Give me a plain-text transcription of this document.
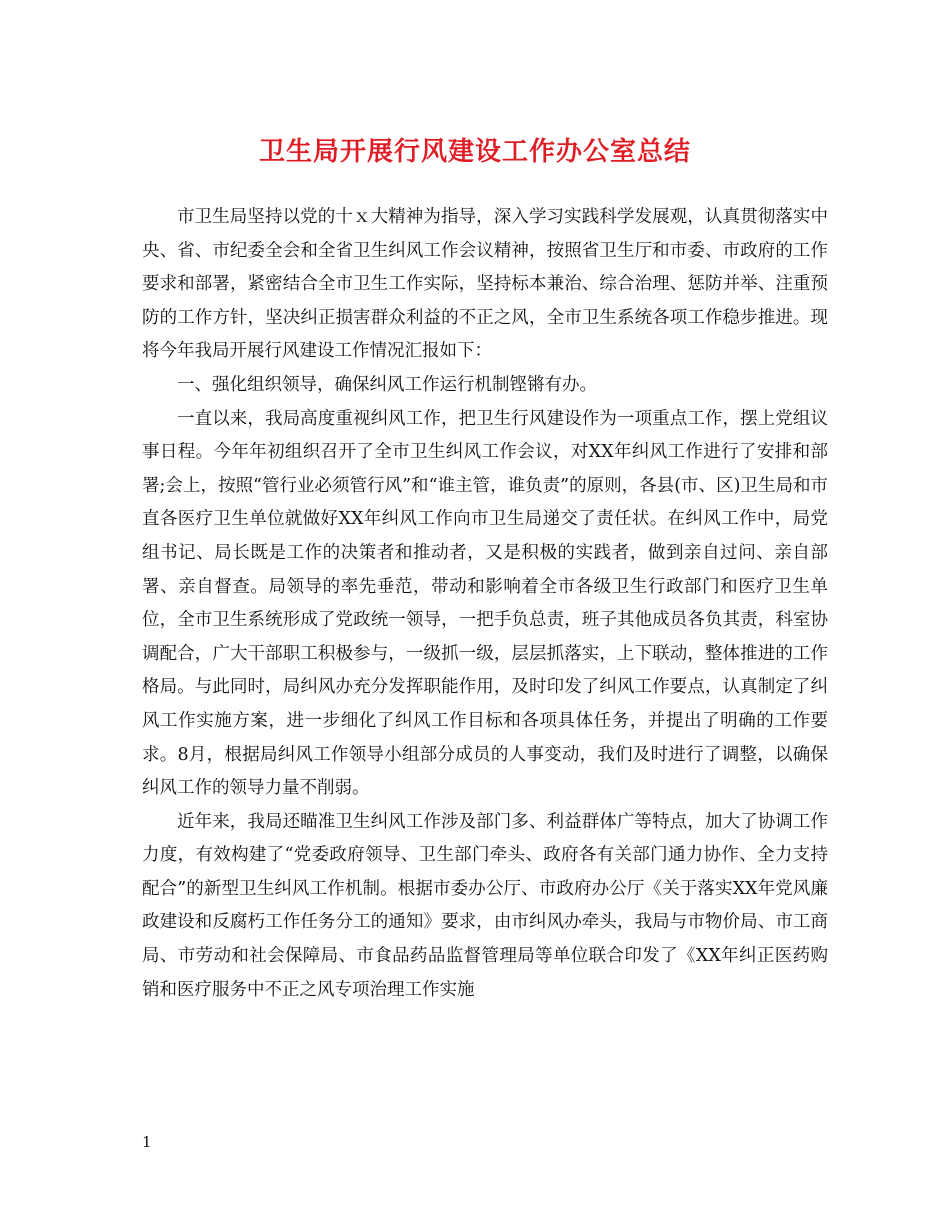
卫生局开展行风建设工作办公室总结

市卫生局坚持以党的十ｘ大精神为指导，深入学习实践科学发展观，认真贯彻落实中央、省、市纪委全会和全省卫生纠风工作会议精神，按照省卫生厅和市委、市政府的工作要求和部署，紧密结合全市卫生工作实际，坚持标本兼治、综合治理、惩防并举、注重预防的工作方针，坚决纠正损害群众利益的不正之风，全市卫生系统各项工作稳步推进。现将今年我局开展行风建设工作情况汇报如下：

一、强化组织领导，确保纠风工作运行机制铿锵有办。

一直以来，我局高度重视纠风工作，把卫生行风建设作为一项重点工作，摆上党组议事日程。今年年初组织召开了全市卫生纠风工作会议，对XX年纠风工作进行了安排和部署;会上，按照“管行业必须管行风”和“谁主管，谁负责”的原则，各县(市、区)卫生局和市直各医疗卫生单位就做好XX年纠风工作向市卫生局递交了责任状。在纠风工作中，局党组书记、局长既是工作的决策者和推动者，又是积极的实践者，做到亲自过问、亲自部署、亲自督查。局领导的率先垂范，带动和影响着全市各级卫生行政部门和医疗卫生单位，全市卫生系统形成了党政统一领导，一把手负总责，班子其他成员各负其责，科室协调配合，广大干部职工积极参与，一级抓一级，层层抓落实，上下联动，整体推进的工作格局。与此同时，局纠风办充分发挥职能作用，及时印发了纠风工作要点，认真制定了纠风工作实施方案，进一步细化了纠风工作目标和各项具体任务，并提出了明确的工作要求。8月，根据局纠风工作领导小组部分成员的人事变动，我们及时进行了调整，以确保纠风工作的领导力量不削弱。

近年来，我局还瞄准卫生纠风工作涉及部门多、利益群体广等特点，加大了协调工作力度，有效构建了“党委政府领导、卫生部门牵头、政府各有关部门通力协作、全力支持配合”的新型卫生纠风工作机制。根据市委办公厅、市政府办公厅《关于落实XX年党风廉政建设和反腐朽工作任务分工的通知》要求，由市纠风办牵头，我局与市物价局、市工商局、市劳动和社会保障局、市食品药品监督管理局等单位联合印发了《XX年纠正医药购销和医疗服务中不正之风专项治理工作实施

1
